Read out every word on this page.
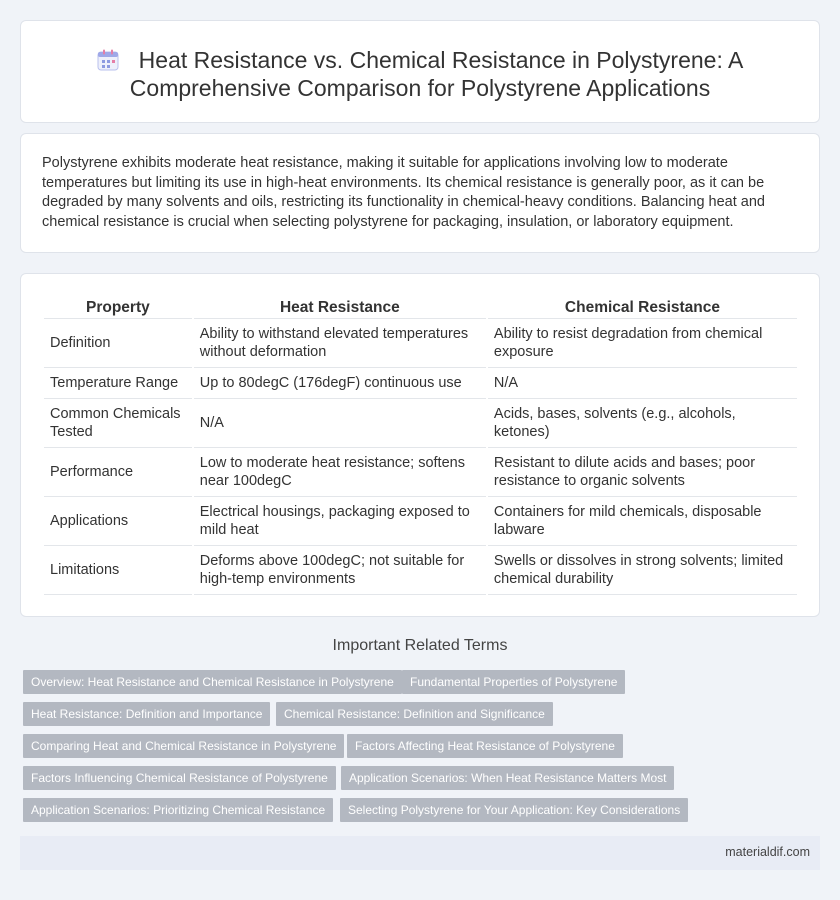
Heat Resistance vs. Chemical Resistance in Polystyrene: A Comprehensive Comparison for Polystyrene Applications

Polystyrene exhibits moderate heat resistance, making it suitable for applications involving low to moderate temperatures but limiting its use in high-heat environments. Its chemical resistance is generally poor, as it can be degraded by many solvents and oils, restricting its functionality in chemical-heavy conditions. Balancing heat and chemical resistance is crucial when selecting polystyrene for packaging, insulation, or laboratory equipment.

Property	Heat Resistance	Chemical Resistance
Definition	Ability to withstand elevated temperatures without deformation	Ability to resist degradation from chemical exposure
Temperature Range	Up to 80degC (176degF) continuous use	N/A
Common Chemicals Tested	N/A	Acids, bases, solvents (e.g., alcohols, ketones)
Performance	Low to moderate heat resistance; softens near 100degC	Resistant to dilute acids and bases; poor resistance to organic solvents
Applications	Electrical housings, packaging exposed to mild heat	Containers for mild chemicals, disposable labware
Limitations	Deforms above 100degC; not suitable for high-temp environments	Swells or dissolves in strong solvents; limited chemical durability
Important Related Terms
Overview: Heat Resistance and Chemical Resistance in Polystyrene	Fundamental Properties of Polystyrene
Heat Resistance: Definition and Importance	Chemical Resistance: Definition and Significance
Comparing Heat and Chemical Resistance in Polystyrene	Factors Affecting Heat Resistance of Polystyrene
Factors Influencing Chemical Resistance of Polystyrene	Application Scenarios: When Heat Resistance Matters Most
Application Scenarios: Prioritizing Chemical Resistance	Selecting Polystyrene for Your Application: Key Considerations
materialdif.com
